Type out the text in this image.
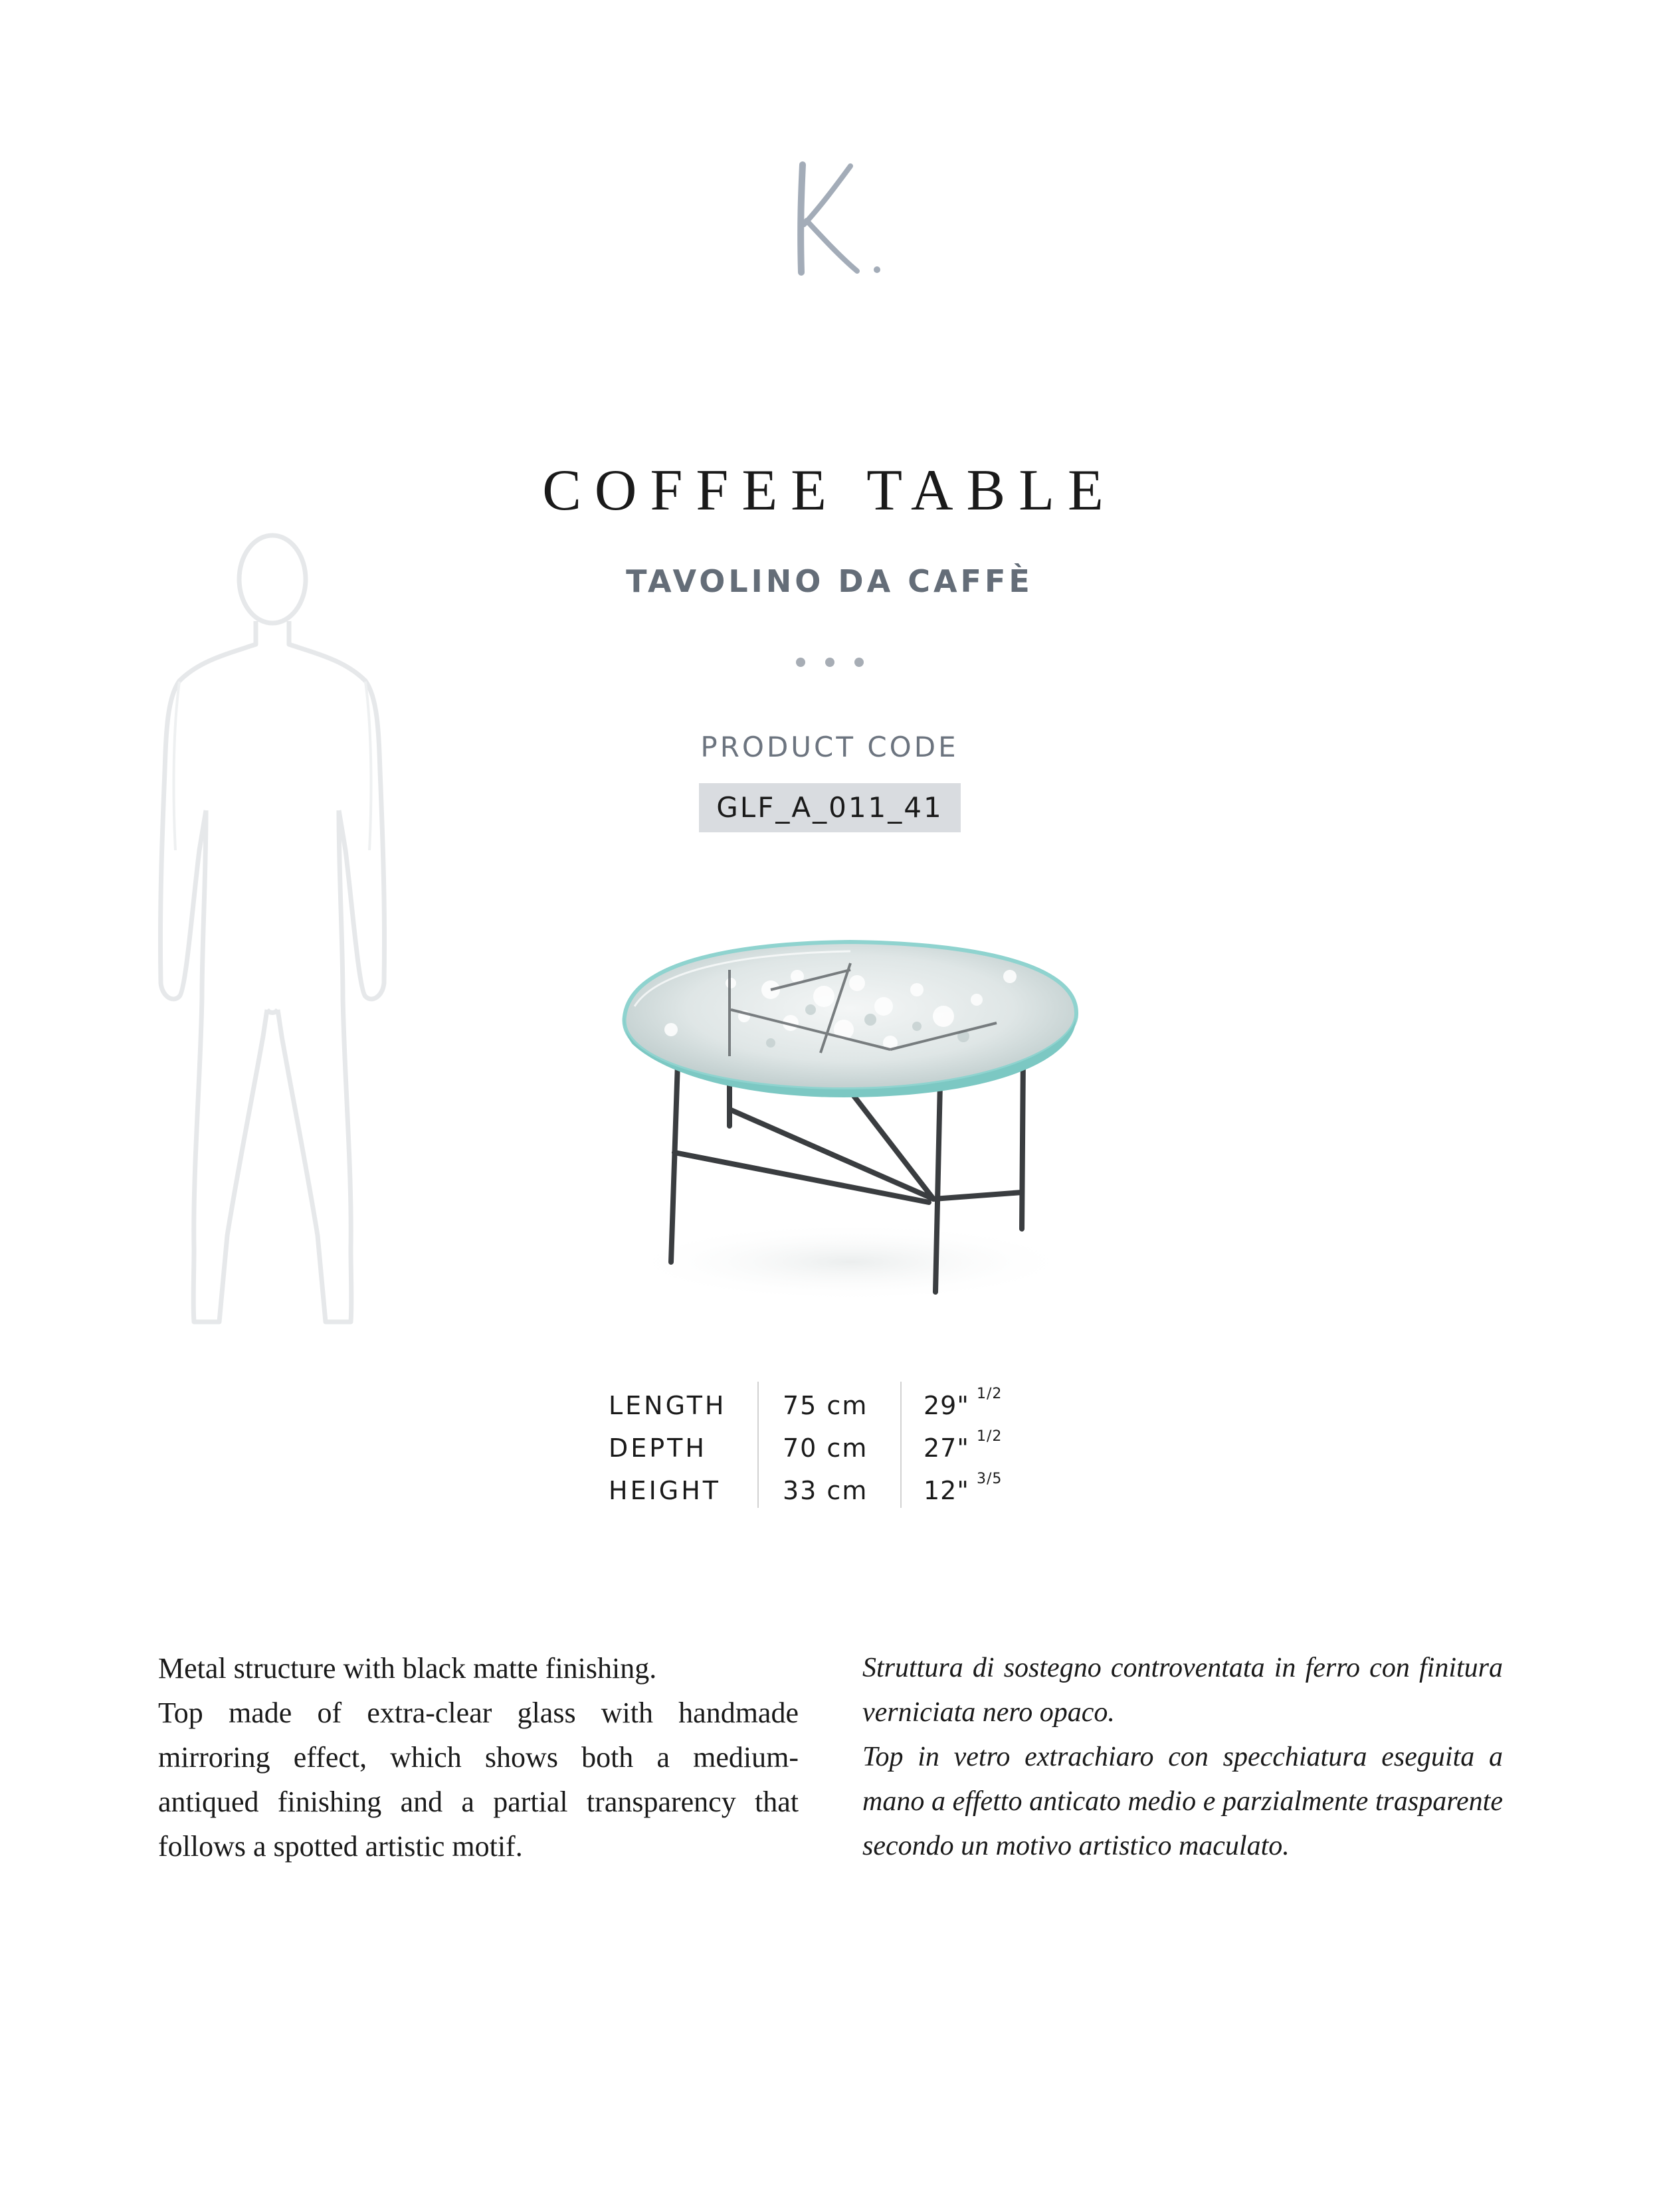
COFFEE TABLE
TAVOLINO DA CAFFÈ
PRODUCT CODE
GLF_A_011_41
LENGTH 75 cm 29" 1/2
DEPTH	70 cm 27" 1/2
HEIGHT 33 cm 12" 3/5

Metal structure with black matte finishing.

Top made of extra-clear glass with handmade mirroring effect, which shows both a medium-antiqued finishing and a partial transparency that follows a spotted artistic motif.

Struttura di sostegno controventata in ferro con finitura verniciata nero opaco.

Top in vetro extrachiaro con specchiatura eseguita a mano a effetto anticato medio e parzialmente trasparente secondo un motivo artistico maculato.
